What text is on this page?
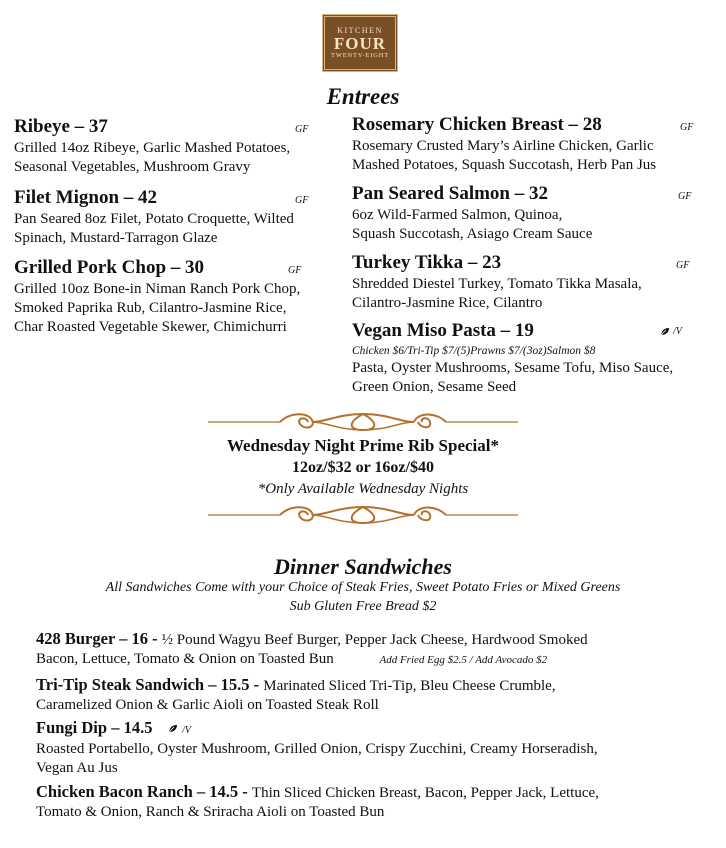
KITCHEN
FOUR
TWENTY-EIGHT
Entrees
Ribeye – 37	GF
Grilled 14oz Ribeye, Garlic Mashed Potatoes,
Seasonal Vegetables, Mushroom Gravy
Filet Mignon – 42	GF
Pan Seared 8oz Filet, Potato Croquette, Wilted
Spinach, Mustard-Tarragon Glaze
Grilled Pork Chop – 30	GF
Grilled 10oz Bone-in Niman Ranch Pork Chop,
Smoked Paprika Rub, Cilantro-Jasmine Rice,
Char Roasted Vegetable Skewer, Chimichurri
Rosemary Chicken Breast – 28	GF
Rosemary Crusted Mary’s Airline Chicken, Garlic
Mashed Potatoes, Squash Succotash, Herb Pan Jus
Pan Seared Salmon – 32	GF
6oz Wild-Farmed Salmon, Quinoa,
Squash Succotash, Asiago Cream Sauce
Turkey Tikka – 23	GF
Shredded Diestel Turkey, Tomato Tikka Masala,
Cilantro-Jasmine Rice, Cilantro
Vegan Miso Pasta – 19	/V
Chicken $6/Tri-Tip $7/(5)Prawns $7/(3oz)Salmon $8
Pasta, Oyster Mushrooms, Sesame Tofu, Miso Sauce,
Green Onion, Sesame Seed
Wednesday Night Prime Rib Special*
12oz/$32 or 16oz/$40
*Only Available Wednesday Nights
Dinner Sandwiches
All Sandwiches Come with your Choice of Steak Fries, Sweet Potato Fries or Mixed Greens
Sub Gluten Free Bread $2
428 Burger – 16 - ½ Pound Wagyu Beef Burger, Pepper Jack Cheese, Hardwood Smoked
Bacon, Lettuce, Tomato & Onion on Toasted Bun	Add Fried Egg $2.5 / Add Avocado $2
Tri-Tip Steak Sandwich – 15.5 - Marinated Sliced Tri-Tip, Bleu Cheese Crumble,
Caramelized Onion & Garlic Aioli on Toasted Steak Roll
Fungi Dip – 14.5	/V
Roasted Portabello, Oyster Mushroom, Grilled Onion, Crispy Zucchini, Creamy Horseradish,
Vegan Au Jus
Chicken Bacon Ranch – 14.5 - Thin Sliced Chicken Breast, Bacon, Pepper Jack, Lettuce,
Tomato & Onion, Ranch & Sriracha Aioli on Toasted Bun
